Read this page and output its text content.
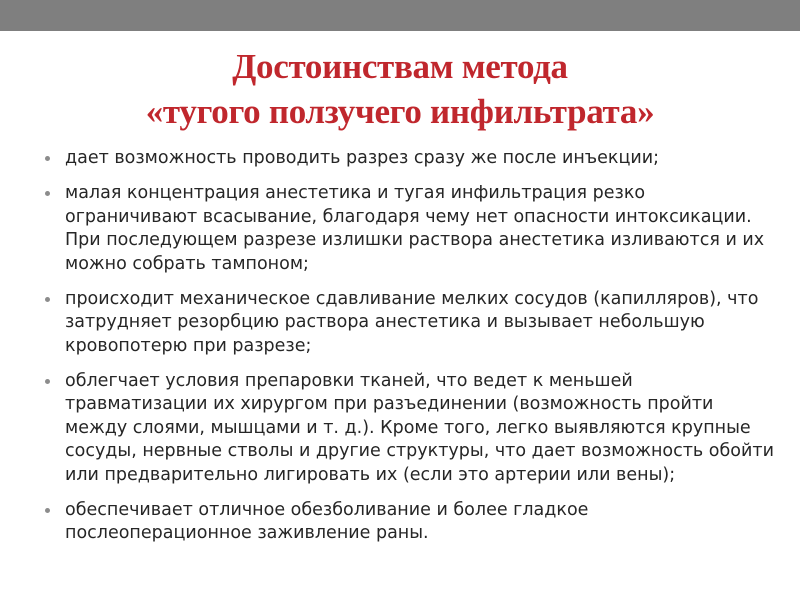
Достоинствам метода
«тугого ползучего инфильтрата»
дает возможность проводить разрез сразу же после инъекции;
малая концентрация анестетика и тугая инфильтрация резко ограничивают всасывание, благодаря чему нет опасности интоксикации. При последующем разрезе излишки раствора анестетика изливаются и их можно собрать тампоном;
происходит механическое сдавливание мелких сосудов (капилляров), что затрудняет резорбцию раствора анестетика и вызывает небольшую кровопотерю при разрезе;
облегчает условия препаровки тканей, что ведет к меньшей травматизации их хирургом при разъединении (возможность пройти между слоями, мышцами и т. д.). Кроме того, легко выявляются крупные сосуды, нервные стволы и другие структуры, что дает возможность обойти или предварительно лигировать их (если это артерии или вены);
обеспечивает отличное обезболивание и более гладкое послеоперационное заживление раны.
